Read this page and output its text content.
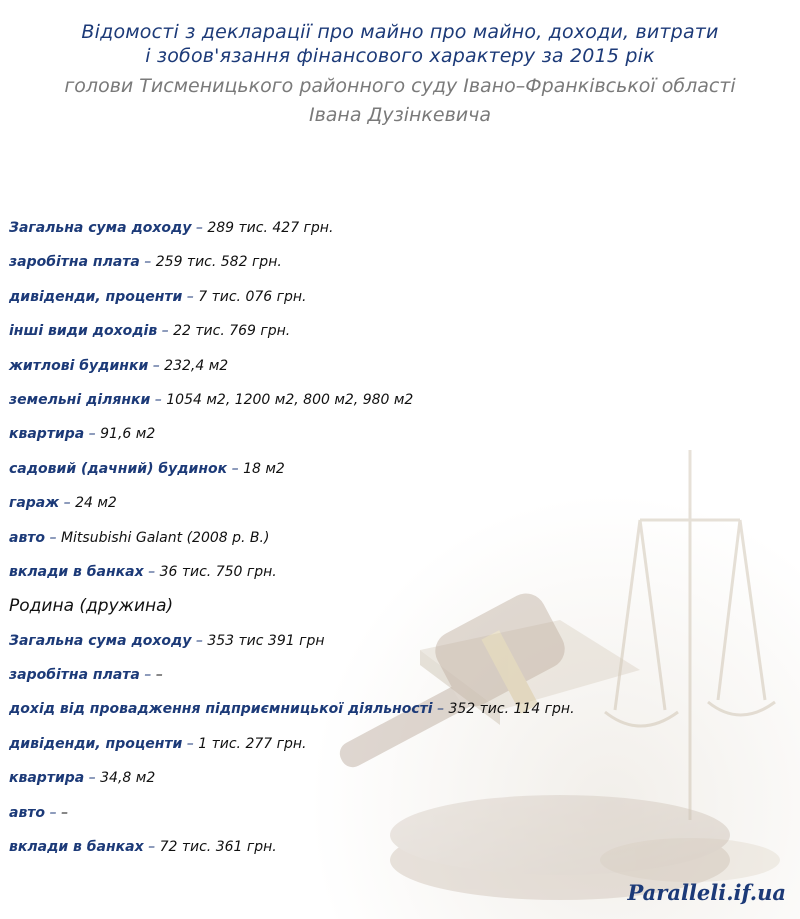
Відомості з декларації про майно про майно, доходи, витрати
і зобов'язання фінансового характеру за 2015 рік
голови Тисменицького районного суду Івано–Франківської області
Івана Дузінкевича
Загальна сума доходу – 289 тис. 427 грн.
заробітна плата – 259 тис. 582 грн.
дивіденди, проценти – 7 тис. 076 грн.
інші види доходів – 22 тис. 769 грн.
житлові будинки – 232,4 м2
земельні ділянки – 1054 м2, 1200 м2, 800 м2, 980 м2
квартира – 91,6 м2
садовий (дачний) будинок – 18 м2
гараж – 24 м2
авто – Mitsubishi Galant (2008 р. В.)
вклади в банках – 36 тис. 750 грн.
Родина (дружина)
Загальна сума доходу – 353 тис 391 грн
заробітна плата – –
дохід від провадження підприємницької діяльності – 352 тис. 114 грн.
дивіденди, проценти – 1 тис. 277 грн.
квартира – 34,8 м2
авто – –
вклади в банках – 72 тис. 361 грн.
Paralleli.if.ua
